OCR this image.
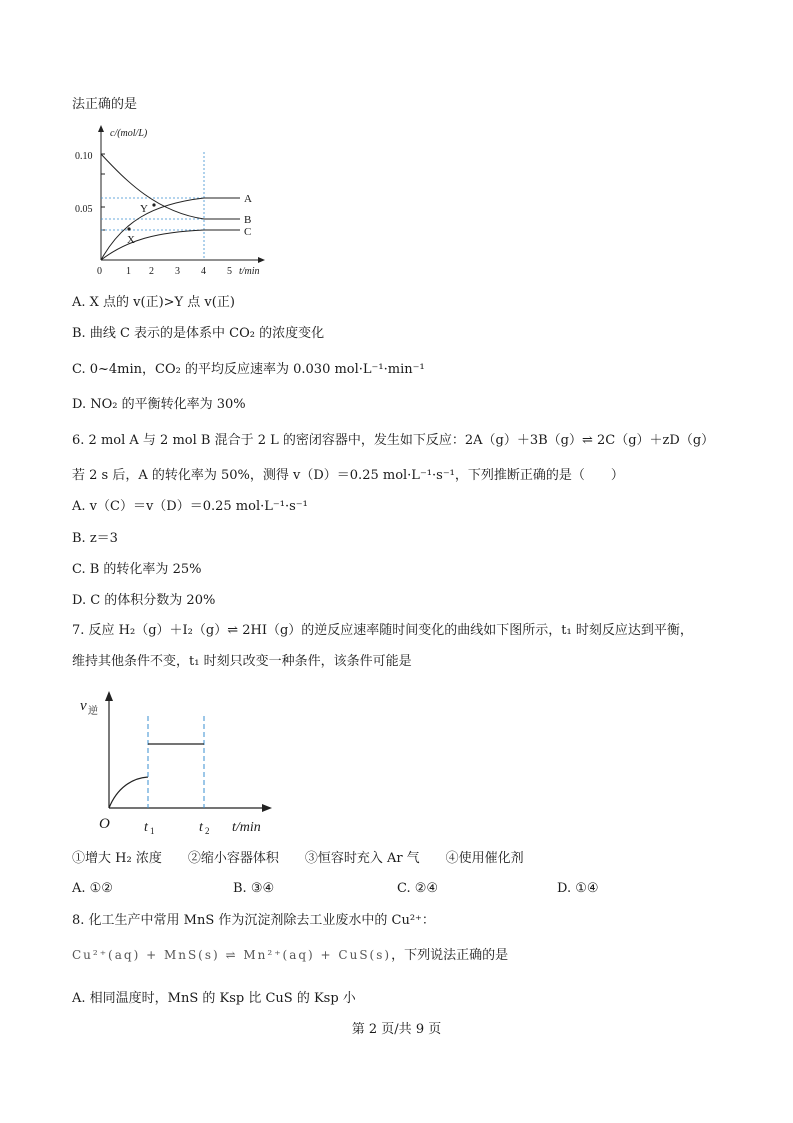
法正确的是
c/(mol/L)
0.10
0.05
0 1 2 3 4 5 t/min
Y
X
A
B
C
A. X 点的 v(正)>Y 点 v(正)
B. 曲线 C 表示的是体系中 CO₂ 的浓度变化
C. 0~4min，CO₂ 的平均反应速率为 0.030 mol·L⁻¹·min⁻¹
D. NO₂ 的平衡转化率为 30%
6. 2 mol A 与 2 mol B 混合于 2 L 的密闭容器中，发生如下反应：2A（g）＋3B（g）⇌ 2C（g）＋zD（g）
若 2 s 后，A 的转化率为 50%，测得 v（D）＝0.25 mol·L⁻¹·s⁻¹，下列推断正确的是（　　）
A. v（C）＝v（D）＝0.25 mol·L⁻¹·s⁻¹
B. z＝3
C. B 的转化率为 25%
D. C 的体积分数为 20%
7. 反应 H₂（g）＋I₂（g）⇌ 2HI（g）的逆反应速率随时间变化的曲线如下图所示，t₁ 时刻反应达到平衡，
维持其他条件不变，t₁ 时刻只改变一种条件，该条件可能是
v 逆
O t 1	t 2 t/min
①增大 H₂ 浓度　　②缩小容器体积　　③恒容时充入 Ar 气　　④使用催化剂
A. ①②	B. ③④	C. ②④	D. ①④
8. 化工生产中常用 MnS 作为沉淀剂除去工业废水中的 Cu²⁺：
Cu²⁺(aq) + MnS(s) ⇌ Mn²⁺(aq) + CuS(s)，下列说法正确的是
A. 相同温度时，MnS 的 Ksp 比 CuS 的 Ksp 小
第 2 页/共 9 页
